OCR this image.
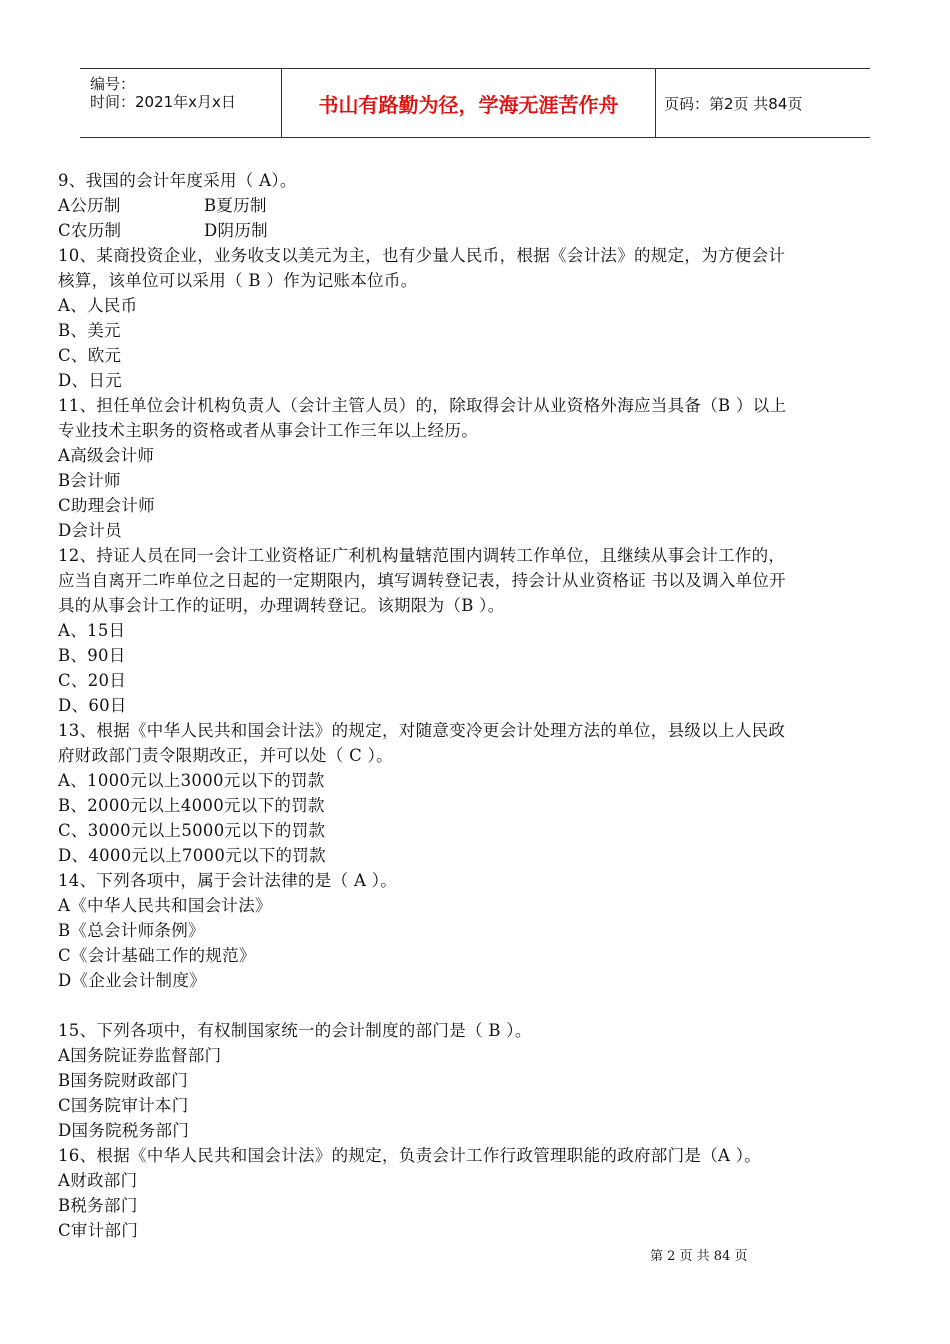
编号：
时间：2021年x月x日	书山有路勤为径，学海无涯苦作舟	页码：第2页 共84页
9、我国的会计年度采用（ A）。
A公历制	B夏历制
C农历制	D阴历制
10、某商投资企业，业务收支以美元为主，也有少量人民币，根据《会计法》的规定，为方便会计
核算，该单位可以采用（ B ）作为记账本位币。
A、人民币
B、美元
C、欧元
D、日元
11、担任单位会计机构负责人（会计主管人员）的，除取得会计从业资格外海应当具备（B ）以上
专业技术主职务的资格或者从事会计工作三年以上经历。
A高级会计师
B会计师
C助理会计师
D会计员
12、持证人员在同一会计工业资格证广利机构量辖范围内调转工作单位，且继续从事会计工作的，
应当自离开二咋单位之日起的一定期限内，填写调转登记表，持会计从业资格证 书以及调入单位开
具的从事会计工作的证明，办理调转登记。该期限为（B ）。
A、15日
B、90日
C、20日
D、60日
13、根据《中华人民共和国会计法》的规定，对随意变冷更会计处理方法的单位，县级以上人民政
府财政部门责令限期改正，并可以处（ C ）。
A、1000元以上3000元以下的罚款
B、2000元以上4000元以下的罚款
C、3000元以上5000元以下的罚款
D、4000元以上7000元以下的罚款
14、下列各项中，属于会计法律的是（ A ）。
A《中华人民共和国会计法》
B《总会计师条例》
C《会计基础工作的规范》
D《企业会计制度》
15、下列各项中，有权制国家统一的会计制度的部门是（ B ）。
A国务院证券监督部门
B国务院财政部门
C国务院审计本门
D国务院税务部门
16、根据《中华人民共和国会计法》的规定，负责会计工作行政管理职能的政府部门是（A ）。
A财政部门
B税务部门
C审计部门
第 2 页 共 84 页
